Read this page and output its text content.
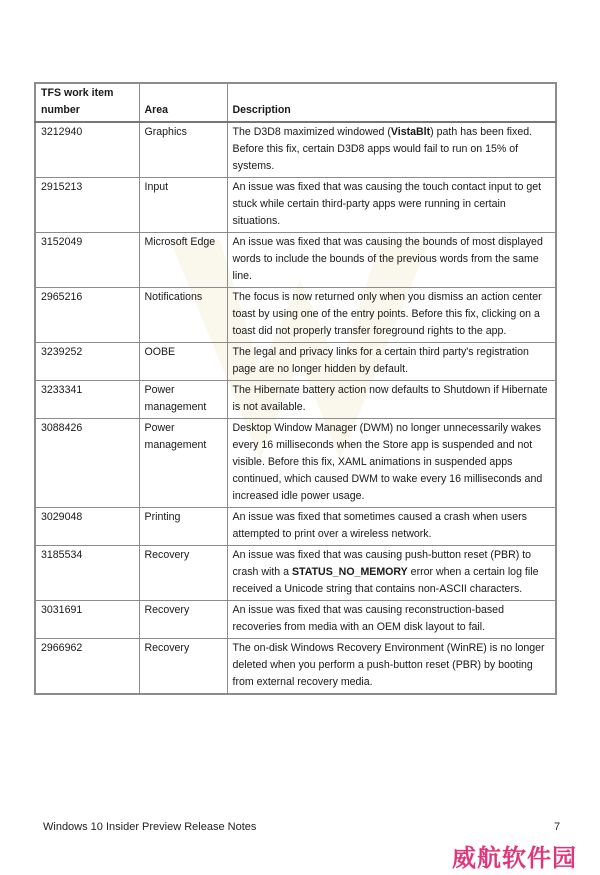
TFS work item number	Area	Description
3212940	Graphics	The D3D8 maximized windowed (VistaBlt) path has been fixed. Before this fix, certain D3D8 apps would fail to run on 15% of systems.
2915213	Input	An issue was fixed that was causing the touch contact input to get stuck while certain third-party apps were running in certain situations.
3152049	Microsoft Edge	An issue was fixed that was causing the bounds of most displayed words to include the bounds of the previous words from the same line.
2965216	Notifications	The focus is now returned only when you dismiss an action center toast by using one of the entry points. Before this fix, clicking on a toast did not properly transfer foreground rights to the app.
3239252	OOBE	The legal and privacy links for a certain third party's registration page are no longer hidden by default.
3233341	Power management	The Hibernate battery action now defaults to Shutdown if Hibernate is not available.
3088426	Power management	Desktop Window Manager (DWM) no longer unnecessarily wakes every 16 milliseconds when the Store app is suspended and not visible. Before this fix, XAML animations in suspended apps continued, which caused DWM to wake every 16 milliseconds and increased idle power usage.
3029048	Printing	An issue was fixed that sometimes caused a crash when users attempted to print over a wireless network.
3185534	Recovery	An issue was fixed that was causing push-button reset (PBR) to crash with a STATUS_NO_MEMORY error when a certain log file received a Unicode string that contains non-ASCII characters.
3031691	Recovery	An issue was fixed that was causing reconstruction-based recoveries from media with an OEM disk layout to fail.
2966962	Recovery	The on-disk Windows Recovery Environment (WinRE) is no longer deleted when you perform a push-button reset (PBR) by booting from external recovery media.
Windows 10 Insider Preview Release Notes	7
威航软件园
